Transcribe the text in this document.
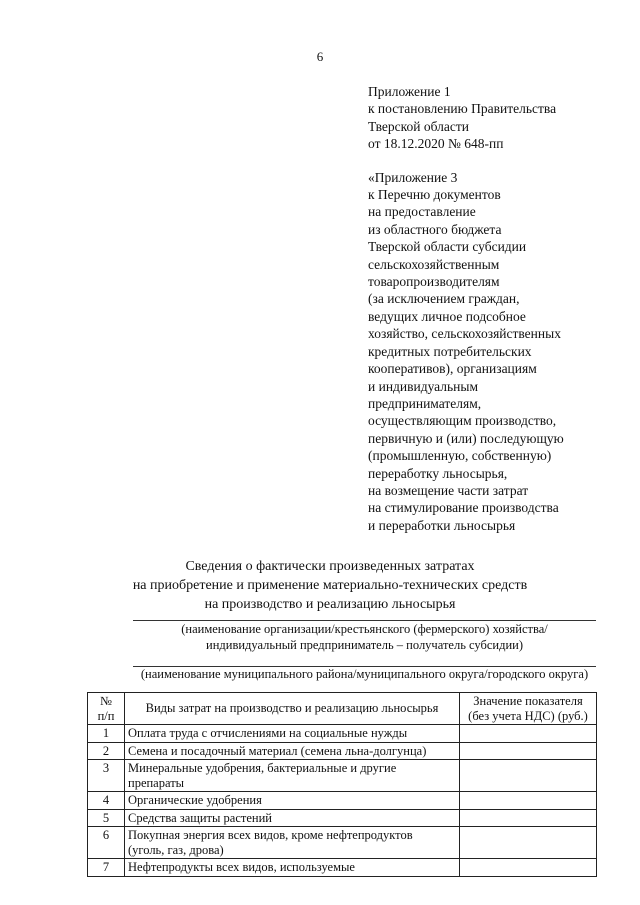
6
Приложение 1
к постановлению Правительства
Тверской области
от 18.12.2020 № 648-пп
«Приложение 3
к Перечню документов
на предоставление
из областного бюджета
Тверской области субсидии
сельскохозяйственным
товаропроизводителям
(за исключением граждан,
ведущих личное подсобное
хозяйство, сельскохозяйственных
кредитных потребительских
кооперативов), организациям
и индивидуальным
предпринимателям,
осуществляющим производство,
первичную и (или) последующую
(промышленную, собственную)
переработку льносырья,
на возмещение части затрат
на стимулирование производства
и переработки льносырья
Сведения о фактически произведенных затратах
на приобретение и применение материально-технических средств
на производство и реализацию льносырья
(наименование организации/крестьянского (фермерского) хозяйства/
индивидуальный предприниматель – получатель субсидии)
(наименование муниципального района/муниципального округа/городского округа)
№
п/п	Виды затрат на производство и реализацию льносырья	Значение показателя
(без учета НДС) (руб.)

1	Оплата труда с отчислениями на социальные нужды	

2	Семена и посадочный материал (семена льна-долгунца)	

3	Минеральные удобрения, бактериальные и другие
препараты	

4	Органические удобрения	

5	Средства защиты растений	

6	Покупная энергия всех видов, кроме нефтепродуктов
(уголь, газ, дрова)	

7	Нефтепродукты всех видов, используемые	
